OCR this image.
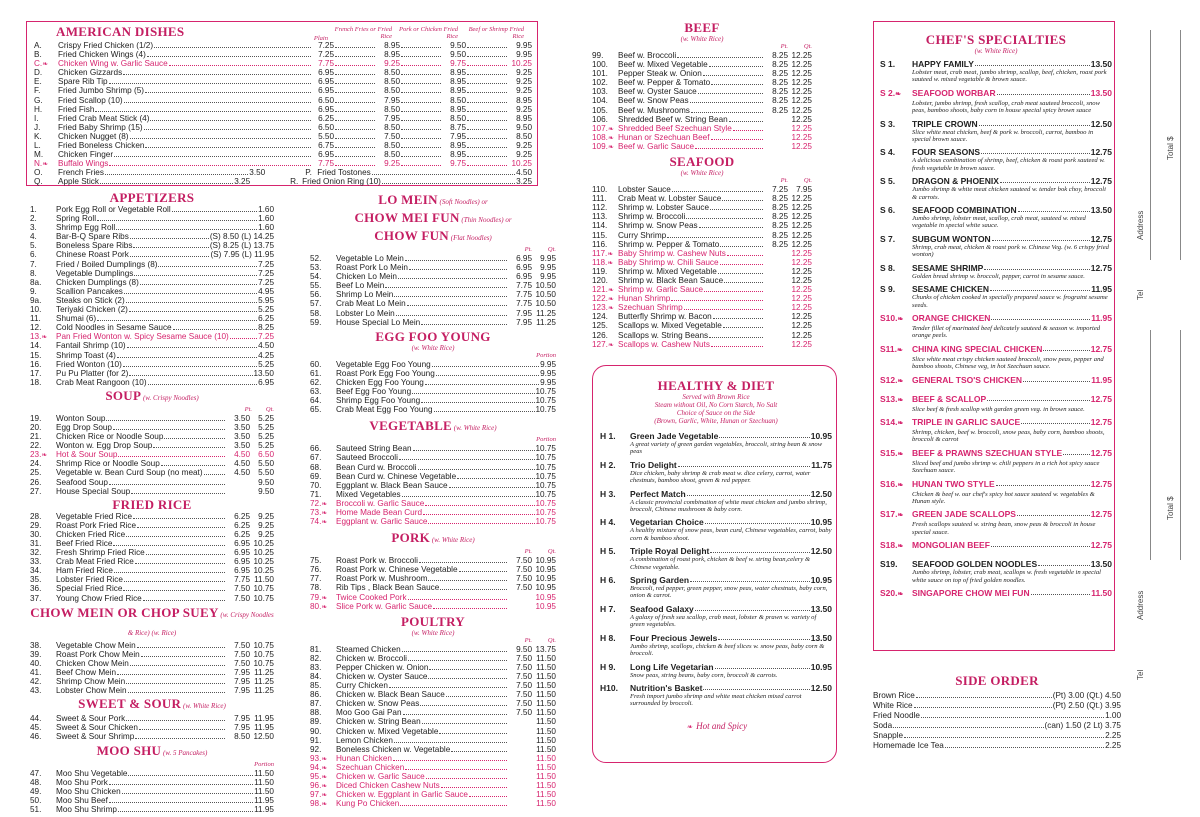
AMERICAN DISHES	Plain
French Fries or Fried Rice
Pork or Chicken Fried Rice
Beef or Shrimp Fried Rice
A.	Crispy Fried Chicken (1/2)	7.25	8.95	9.50	9.95
B.	Fried Chicken Wings (4)	7.25	8.95	9.50	9.95
C.❧	Chicken Wing w. Garlic Sauce	7.75	9.25	9.75	10.25
D.	Chicken Gizzards	6.95	8.50	8.95	9.25
E.	Spare Rib Tip	6.95	8.50	8.95	9.25
F.	Fried Jumbo Shrimp (5)	6.95	8.50	8.95	9.25
G.	Fried Scallop (10)	6.50	7.95	8.50	8.95
H.	Fried Fish	6.95	8.50	8.95	9.25
I.	Fried Crab Meat Stick (4)	6.25	7.95	8.50	8.95
J.	Fried Baby Shrimp (15)	6.50	8.50	8.75	9.50
K.	Chicken Nugget (8)	5.50	7.50	7.95	8.50
L.	Fried Boneless Chicken	6.75	8.50	8.95	9.25
M.	Chicken Finger	6.95	8.50	8.95	9.25
N.❧	Buffalo Wings	7.75	9.25	9.75	10.25
O.	French Fries	3.50	P. Fried Tostones	4.50
Q.	Apple Stick	3.25	R. Fried Onion Ring (10)	3.25
APPETIZERS
1.	Pork Egg Roll or Vegetable Roll	1.60
2.	Spring Roll	1.60
3.	Shrimp Egg Roll	1.60
4.	Bar-B-Q Spare Ribs	(S) 8.50 (L) 14.25
5.	Boneless Spare Ribs	(S) 8.25 (L) 13.75
6.	Chinese Roast Pork	(S) 7.95 (L) 11.95
7.	Fried / Boiled Dumplings (8)	7.25
8.	Vegetable Dumplings	7.25
8a.	Chicken Dumplings (8)	7.25
9.	Scallion Pancakes	4.95
9a.	Steaks on Stick (2)	5.95
10.	Teriyaki Chicken (2)	5.25
11.	Shumai (6)	6.25
12.	Cold Noodles in Sesame Sauce	8.25
13.❧	Pan Fried Wonton w. Spicy Sesame Sauce (10)	7.25
14.	Fantail Shrimp (10)	4.50
15.	Shrimp Toast (4)	4.25
16.	Fried Wonton (10)	5.25
17.	Pu Pu Platter (for 2)	13.50
18.	Crab Meat Rangoon (10)	6.95
SOUP (w. Crispy Noodles)
Pt.	Qt.
19.	Wonton Soup	3.50 5.25
20.	Egg Drop Soup	3.50 5.25
21.	Chicken Rice or Noodle Soup	3.50 5.25
22.	Wonton w. Egg Drop Soup	3.50 5.25
23.❧	Hot & Sour Soup	4.50 6.50
24.	Shrimp Rice or Noodle Soup	4.50 5.50
25.	Vegetable w. Bean Curd Soup (no meat)	4.50 5.50
26.	Seafood Soup	9.50
27.	House Special Soup	9.50
FRIED RICE
28.	Vegetable Fried Rice	6.25 9.25
29.	Roast Pork Fried Rice	6.25 9.25
30.	Chicken Fried Rice	6.25 9.25
31.	Beef Fried Rice	6.95 10.25
32.	Fresh Shrimp Fried Rice	6.95 10.25
33.	Crab Meat Fried Rice	6.95 10.25
34.	Ham Fried Rice	6.95 10.25
35.	Lobster Fried Rice	7.75 11.50
36.	Special Fried Rice	7.50 10.75
37.	Young Chow Fried Rice	7.50 10.75
CHOW MEIN OR CHOP SUEY (w. Crispy Noodles & Rice) (w. Rice)
38.	Vegetable Chow Mein	7.50 10.75
39.	Roast Pork Chow Mein	7.50 10.75
40.	Chicken Chow Mein	7.50 10.75
41.	Beef Chow Mein	7.95 11.25
42.	Shrimp Chow Mein	7.95 11.25
43.	Lobster Chow Mein	7.95 11.25
SWEET & SOUR (w. White Rice)
44.	Sweet & Sour Pork	7.95 11.95
45.	Sweet & Sour Chicken	7.95 11.95
46.	Sweet & Sour Shrimp	8.50 12.50
MOO SHU (w. 5 Pancakes)
Portion
47.	Moo Shu Vegetable	11.50
48.	Moo Shu Pork	11.50
49.	Moo Shu Chicken	11.50
50.	Moo Shu Beef	11.95
51.	Moo Shu Shrimp	11.95
LO MEIN (Soft Noodles) or
CHOW MEI FUN (Thin Noodles) or
CHOW FUN (Flat Noodles)
Pt.	Qt.
52.	Vegetable Lo Mein	6.95 9.95
53.	Roast Pork Lo Mein	6.95 9.95
54.	Chicken Lo Mein	6.95 9.95
55.	Beef Lo Mein	7.75 10.50
56.	Shrimp Lo Mein	7.75 10.50
57.	Crab Meat Lo Mein	7.75 10.50
58.	Lobster Lo Mein	7.95 11.25
59.	House Special Lo Mein	7.95 11.25
EGG FOO YOUNG
(w. White Rice)
Portion
60.	Vegetable Egg Foo Young	9.95
61.	Roast Pork Egg Foo Young	9.95
62.	Chicken Egg Foo Young	9.95
63.	Beef Egg Foo Young	10.75
64.	Shrimp Egg Foo Young	10.75
65.	Crab Meat Egg Foo Young	10.75
VEGETABLE (w. White Rice)
Portion
66.	Sauteed String Bean	10.75
67.	Sauteed Broccoli	10.75
68.	Bean Curd w. Broccoli	10.75
69.	Bean Curd w. Chinese Vegetable	10.75
70.	Eggplant w. Black Bean Sauce	10.75
71.	Mixed Vegetables	10.75
72.❧	Broccoli w. Garlic Sauce	10.75
73.❧	Home Made Bean Curd	10.75
74.❧	Eggplant w. Garlic Sauce	10.75
PORK (w. White Rice)
Pt.	Qt.
75.	Roast Pork w. Broccoli	7.50 10.95
76.	Roast Pork w. Chinese Vegetable	7.50 10.95
77.	Roast Pork w. Mushroom	7.50 10.95
78.	Rib Tips , Black Bean Sauce	7.50 10.95
79.❧	Twice Cooked Pork	10.95
80.❧	Slice Pork w. Garlic Sauce	10.95
POULTRY
(w. White Rice)
Pt.	Qt.
81.	Steamed Chicken	9.50 13.75
82.	Chicken w. Broccoli	7.50 11.50
83.	Pepper Chicken w. Onion	7.50 11.50
84.	Chicken w. Oyster Sauce	7.50 11.50
85.	Curry Chicken	7.50 11.50
86.	Chicken w. Black Bean Sauce	7.50 11.50
87.	Chicken w. Snow Peas	7.50 11.50
88.	Moo Goo Gai Pan	7.50 11.50
89.	Chicken w. String Bean	11.50
90.	Chicken w. Mixed Vegetable	11.50
91.	Lemon Chicken	11.50
92.	Boneless Chicken w. Vegetable	11.50
93.❧	Hunan Chicken	11.50
94.❧	Szechuan Chicken	11.50
95.❧	Chicken w. Garlic Sauce	11.50
96.❧	Diced Chicken Cashew Nuts	11.50
97.❧	Chicken w. Eggplant in Garlic Sauce	11.50
98.❧	Kung Po Chicken	11.50
BEEF
(w. White Rice)
Pt.	Qt.
99.	Beef w. Broccoli	8.25 12.25
100.	Beef w. Mixed Vegetable	8.25 12.25
101.	Pepper Steak w. Onion	8.25 12.25
102.	Beef w. Pepper & Tomato	8.25 12.25
103.	Beef w. Oyster Sauce	8.25 12.25
104.	Beef w. Snow Peas	8.25 12.25
105.	Beef w. Mushrooms	8.25 12.25
106.	Shredded Beef w. String Bean	12.25
107.❧ Shredded Beef Szechuan Style	12.25
108.❧ Hunan or Szechuan Beef	12.25
109.❧ Beef w. Garlic Sauce	12.25
SEAFOOD
(w. White Rice)
Pt.	Qt.
110.	Lobster Sauce	7.25 7.95
111.	Crab Meat w. Lobster Sauce	8.25 12.25
112.	Shrimp w. Lobster Sauce	8.25 12.25
113.	Shrimp w. Broccoli	8.25 12.25
114.	Shrimp w. Snow Peas	8.25 12.25
115.	Curry Shrimp	8.25 12.25
116.	Shrimp w. Pepper & Tomato	8.25 12.25
117.❧ Baby Shrimp w. Cashew Nuts	12.25
118.❧ Baby Shrimp w. Chili Sauce	12.25
119.	Shrimp w. Mixed Vegetable	12.25
120.	Shrimp w. Black Bean Sauce	12.25
121.❧ Shrimp w. Garlic Sauce	12.25
122.❧ Hunan Shrimp	12.25
123.❧ Szechuan Shrimp	12.25
124.	Butterfly Shrimp w. Bacon	12.25
125.	Scallops w. Mixed Vegetable	12.25
126.	Scallops w. String Beans	12.25
127.❧ Scallops w. Cashew Nuts	12.25
HEALTHY & DIET
Served with Brown Rice
Steam without Oil, No Corn Starch, No Salt
Choice of Sauce on the Side
(Brown, Garlic, White, Hunan or Szechuan)
H 1.	Green Jade Vegetable	10.95
A great variety of green garden vegetables, broccoli, string bean & snow peas
H 2.	Trio Delight	11.75
Dice chicken, baby shrimp & crab meat w. dice celery, carrot, water chestnuts, bamboo shoot, green & red pepper.
H 3.	Perfect Match	12.50
A classic provincial combination of white meat chicken and jumbo shrimp, broccoli, Chinese mushroom & baby corn.
H 4.	Vegetarian Choice	10.95
A healthy mixture of snow peas, bean curd, Chinese vegetables, carrot, baby corn & bamboo shoot.
H 5.	Triple Royal Delight	12.50
A combination of roast pork, chicken & beef w. string bean,celery & Chinese vegetable.
H 6.	Spring Garden	10.95
Broccoli, red pepper, green pepper, snow peas, water chestnuts, baby corn, onion & carrot.
H 7.	Seafood Galaxy	13.50
A galaxy of fresh sea scallop, crab meat, lobster & prawn w. variety of green vegetables.
H 8.	Four Precious Jewels	13.50
Jumbo shrimp, scallops, chicken & beef slices w. snow peas, baby corn & broccoli.
H 9.	Long Life Vegetarian	10.95
Snow peas, string beans, baby corn, broccoli & carrots.
H10.	Nutrition's Basket	12.50
Fresh import jumbo shrimp and white meat chicken mixed carrot surrounded by broccoli.
❧ Hot and Spicy
CHEF'S SPECIALTIES
(w. White Rice)
S 1.	HAPPY FAMILY	13.50
Lobster meat, crab meat, jumbo shrimp, scallop, beef, chicken, roast pork sauteed w. mixed vegetable & brown sauce.
S 2.❧	SEAFOOD WORBAR	13.50
Lobster, jumbo shrimp, fresh scallop, crab meat sauteed broccoli, snow peas, bamboo shoots, baby corn in house special spicy brown sauce
S 3.	TRIPLE CROWN	12.50
Slice white meat chicken, beef & pork w. broccoli, carrot, bamboo in special brown sauce.
S 4.	FOUR SEASONS	12.75
A delicious combination of shrimp, beef, chicken & roast pork sauteed w. fresh vegetable in brown sauce.
S 5.	DRAGON & PHOENIX	12.75
Jumbo shrimp & white meat chicken sauteed w. tender bok choy, broccoli & carrots.
S 6.	SEAFOOD COMBINATION	13.50
Jumbo shrimp, lobster meat, scallop, crab meat, sauteed w. mixed vegetable in special white sauce.
S 7.	SUBGUM WONTON	12.75
Shrimp, crab meat, chicken & roast pork w. Chinese Veg. (w. 6 crispy fried wonton)
S 8.	SESAME SHRIMP	12.75
Golden bread shrimp w. broccoli, pepper, carrot in sesame sauce.
S 9.	SESAME CHICKEN	11.95
Chunks of chicken cooked in specially prepared sauce w. frograint sesame seeds.
S10.❧	ORANGE CHICKEN	11.95
Tender fillet of marinated beef delicately sauteed & season w. imported orange peels.
S11.❧	CHINA KING SPECIAL CHICKEN	12.75
Slice white meat crispy chicken sauteed broccoli, snow peas, pepper and bamboo shoots, Chinese veg, in hot Szechuan sauce.
S12.❧	GENERAL TSO'S CHICKEN	11.95
S13.❧	BEEF & SCALLOP	12.75
Slice beef & fresh scallop with garden green veg. in brown sauce.
S14.❧	TRIPLE IN GARLIC SAUCE	12.75
Shrimp, chicken, beef w. broccoli, snow peas, baby corn, bamboo shoots, broccoli & carrot
S15.❧	BEEF & PRAWNS SZECHUAN STYLE	12.75
Sliced beef and jumbo shrimp w. chili peppers in a rich hot spicy sauce Szechuan sauce.
S16.❧	HUNAN TWO STYLE	12.75
Chicken & beef w. our chef's spicy hot sauce sauteed w. vegetables & Hunan style.
S17.❧	GREEN JADE SCALLOPS	12.75
Fresh scallops sauteed w. string bean, snow peas & broccoli in house special sauce.
S18.❧	MONGOLIAN BEEF	12.75
S19.	SEAFOOD GOLDEN NOODLES	13.50
Jumbo shrimp, lobster, crab meat, scallops w. fresh vegetable in special white sauce on top of fried golden noodles.
S20.❧	SINGAPORE CHOW MEI FUN	11.50
SIDE ORDER
Brown Rice	(Pt) 3.00 (Qt.) 4.50
White Rice	(Pt) 2.50 (Qt.) 3.95
Fried Noodle	1.00
Soda	(can) 1.50 (2 Lt) 3.75
Snapple	2.25
Homemade Ice Tea	2.25
Address
Tel
Total $
Address
Tel
Total $
